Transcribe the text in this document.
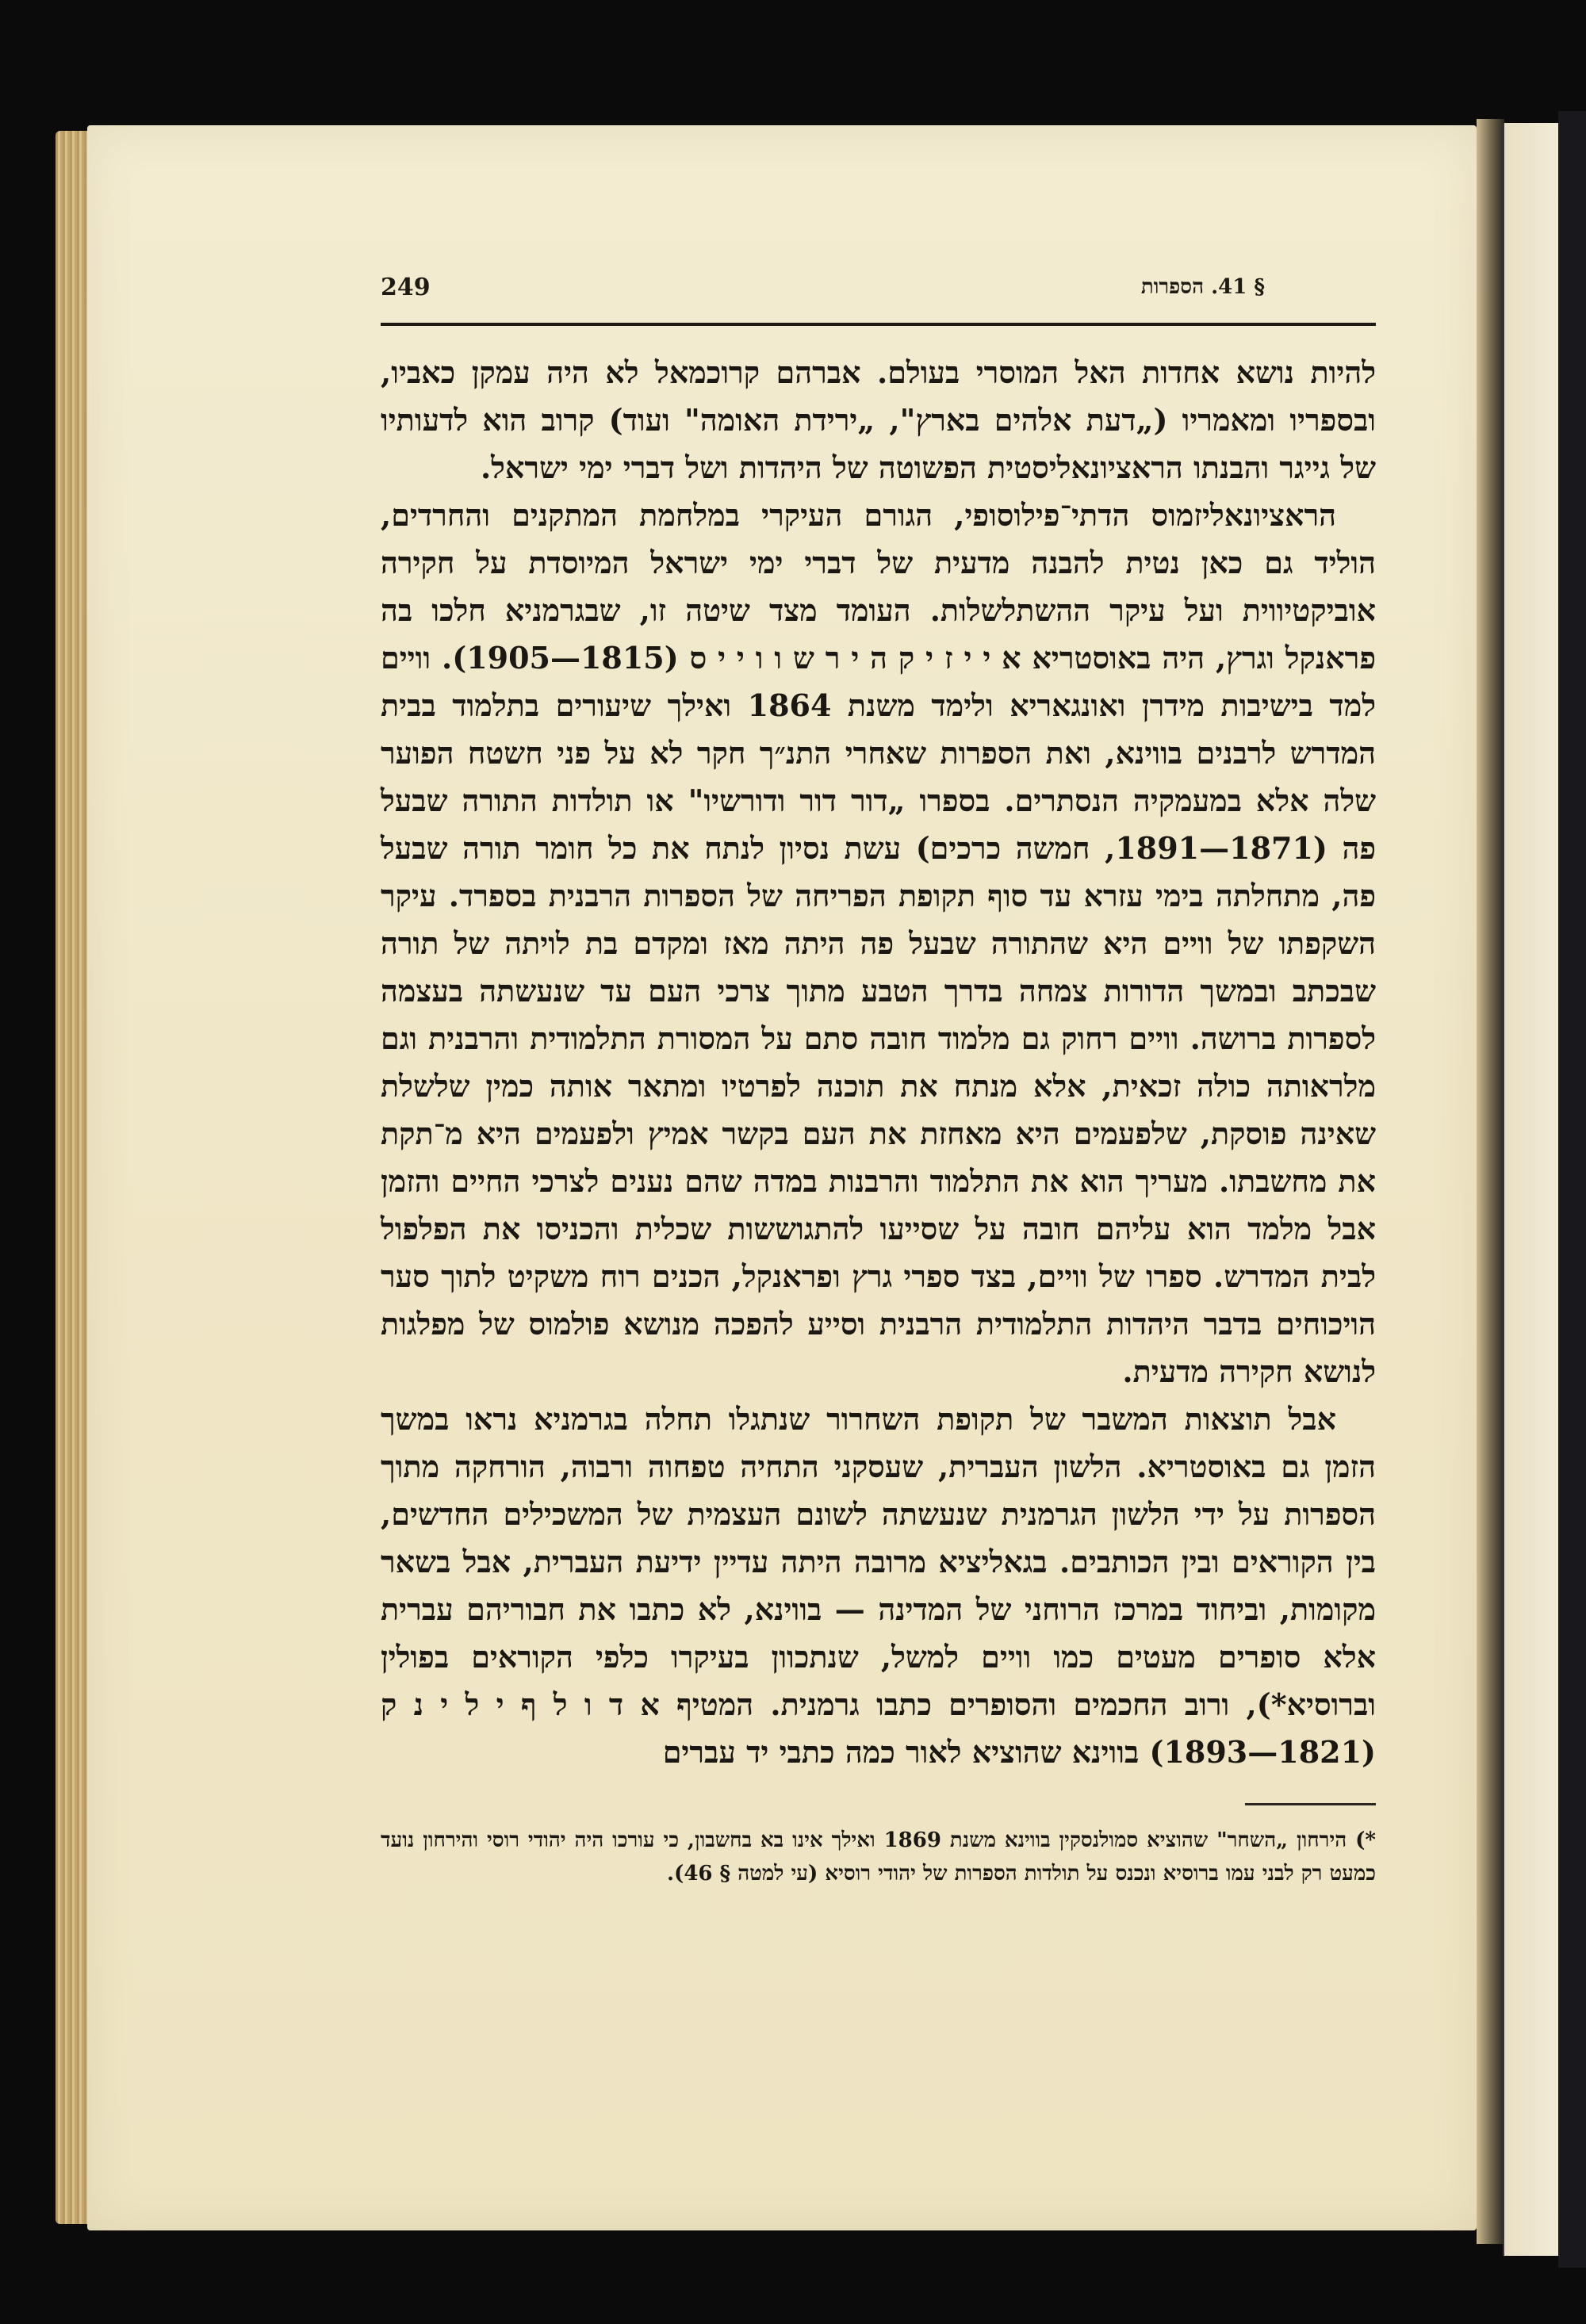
249	§ 41. הספרות

להיות נושא אחדות האל המוסרי בעולם. אברהם קרוכמאל לא היה עמקן כאביו, ובספריו ומאמריו („דעת אלהים בארץ", „ירידת האומה" ועוד) קרוב הוא לדעותיו של גייגר והבנתו הראציונאליסטית הפשוטה של היהדות ושל דברי ימי ישראל.

הראציונאליזמוס הדתי־פילוסופי, הגורם העיקרי במלחמת המתקנים והחרדים, הוליד גם כאן נטית להבנה מדעית של דברי ימי ישראל המיוסדת על חקירה אוביקטיווית ועל עיקר ההשתלשלות. העומד מצד שיטה זו, שבגרמניא חלכו בה פראנקל וגרץ, היה באוסטריא א י י ז י ק ה י ר ש ו ו י י ס (1815—1905). וויים למד בישיבות מידרן ואונגאריא ולימד משנת 1864 ואילך שיעורים בתלמוד בבית המדרש לרבנים בווינא, ואת הספרות שאחרי התנ״ך חקר לא על פני חשטח הפוער שלה אלא במעמקיה הנסתרים. בספרו „דור דור ודורשיו" או תולדות התורה שבעל פה (1871—1891, חמשה כרכים) עשת נסיון לנתח את כל חומר תורה שבעל פה, מתחלתה בימי עזרא עד סוף תקופת הפריחה של הספרות הרבנית בספרד. עיקר השקפתו של וויים היא שהתורה שבעל פה היתה מאז ומקדם בת לויתה של תורה שבכתב ובמשך הדורות צמחה בדרך הטבע מתוך צרכי העם עד שנעשתה בעצמה לספרות ברושה. וויים רחוק גם מלמוד חובה סתם על המסורת התלמודית והרבנית וגם מלראותה כולה זכאית, אלא מנתח את תוכנה לפרטיו ומתאר אותה כמין שלשלת שאינה פוסקת, שלפעמים היא מאחזת את העם בקשר אמיץ ולפעמים היא מ־תקת את מחשבתו. מעריך הוא את התלמוד והרבנות במדה שהם נענים לצרכי החיים והזמן אבל מלמד הוא עליהם חובה על שסייעו להתגוששות שכלית והכניסו את הפלפול לבית המדרש. ספרו של וויים, בצד ספרי גרץ ופראנקל, הכנים רוח משקיט לתוך סער הויכוחים בדבר היהדות התלמודית הרבנית וסייע להפכה מנושא פולמוס של מפלגות לנושא חקירה מדעית.

אבל תוצאות המשבר של תקופת השחרור שנתגלו תחלה בגרמניא נראו במשך הזמן גם באוסטריא. הלשון העברית, שעסקני התחיה טפחוה ורבוה, הורחקה מתוך הספרות על ידי הלשון הגרמנית שנעשתה לשונם העצמית של המשכילים החדשים, בין הקוראים ובין הכותבים. בגאליציא מרובה היתה עדיין ידיעת העברית, אבל בשאר מקומות, וביחוד במרכז הרוחני של המדינה — בווינא, לא כתבו את חבוריהם עברית אלא סופרים מעטים כמו וויים למשל, שנתכוון בעיקרו כלפי הקוראים בפולין וברוסיא*), ורוב החכמים והסופרים כתבו גרמנית. המטיף א ד ו ל ף י ל י נ ק (1821—1893) בווינא שהוציא לאור כמה כתבי יד עברים

*) הירחון „השחר" שהוציא סמולנסקין בווינא משנת 1869 ואילך אינו בא בחשבון, כי עורכו היה יהודי רוסי והירחון נועד כמעט רק לבני עמו ברוסיא ונכנס על תולדות הספרות של יהודי רוסיא (עי למטה § 46).
